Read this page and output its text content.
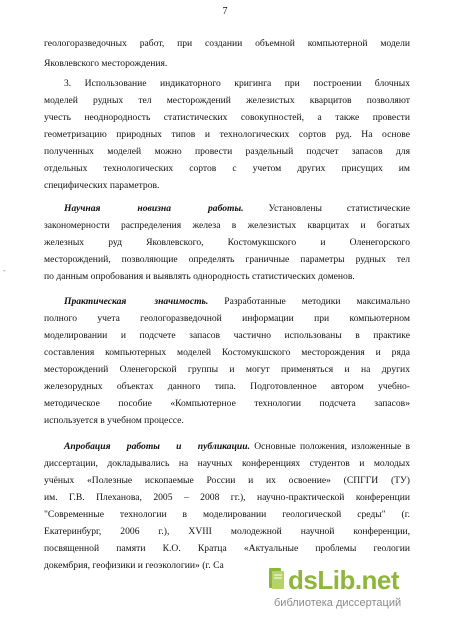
7
геологоразведочных работ, при создании объемной компьютерной модели
Яковлевского месторождения.
3. Использование индикаторного кригинга при построении блочных
моделей рудных тел месторождений железистых кварцитов позволяют
учесть неоднородность статистических совокупностей, а также провести
геометризацию природных типов и технологических сортов руд. На основе
полученных моделей можно провести раздельный подсчет запасов для
отдельных технологических сортов с учетом других присущих им
специфических параметров.
Научная новизна работы. Установлены статистические
закономерности распределения железа в железистых кварцитах и богатых
железных руд Яковлевского, Костомукшского и Оленегорского
месторождений, позволяющие определять граничные параметры рудных тел
по данным опробования и выявлять однородность статистических доменов.
Практическая значимость. Разработанные методики максимально
полного учета геологоразведочной информации при компьютерном
моделировании и подсчете запасов частично использованы в практике
составления компьютерных моделей Костомукшского месторождения и ряда
месторождений Оленегорской группы и могут применяться и на других
железорудных объектах данного типа. Подготовленное автором учебно-
методическое пособие «Компьютерное технологии подсчета запасов»
используется в учебном процессе.
Апробация работы и публикации. Основные положения, изложенные в
диссертации, докладывались на научных конференциях студентов и молодых
учёных «Полезные ископаемые России и их освоение» (СПГГИ (ТУ)
им. Г.В. Плеханова, 2005 – 2008 гг.), научно-практической конференции
"Современные технологии в моделировании геологической среды" (г.
Екатеринбург, 2006 г.), XVIII молодежной научной конференции,
посвященной памяти К.О. Кратца «Актуальные проблемы геологии
докембрия, геофизики и геоэкологии» (г. Са
-
dsLib.net
библиотека диссертаций
